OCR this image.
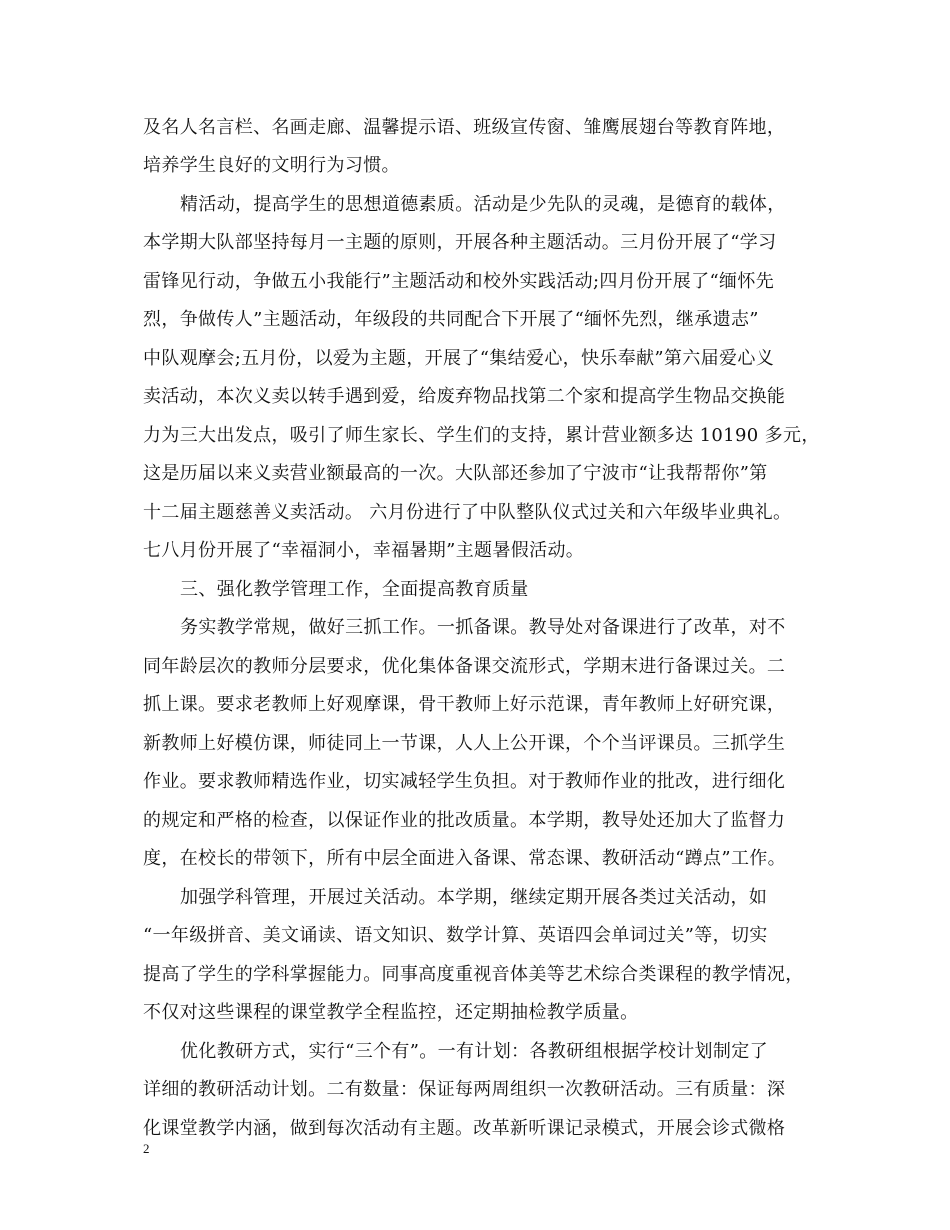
及名人名言栏、名画走廊、温馨提示语、班级宣传窗、雏鹰展翅台等教育阵地，
培养学生良好的文明行为习惯。
精活动，提高学生的思想道德素质。活动是少先队的灵魂，是德育的载体，
本学期大队部坚持每月一主题的原则，开展各种主题活动。三月份开展了“学习
雷锋见行动，争做五小我能行”主题活动和校外实践活动;四月份开展了“缅怀先
烈，争做传人”主题活动，年级段的共同配合下开展了“缅怀先烈，继承遗志”
中队观摩会;五月份，以爱为主题，开展了“集结爱心，快乐奉献”第六届爱心义
卖活动，本次义卖以转手遇到爱，给废弃物品找第二个家和提高学生物品交换能
力为三大出发点，吸引了师生家长、学生们的支持，累计营业额多达 10190 多元，
这是历届以来义卖营业额最高的一次。大队部还参加了宁波市“让我帮帮你”第
十二届主题慈善义卖活动。 六月份进行了中队整队仪式过关和六年级毕业典礼。
七八月份开展了“幸福洞小，幸福暑期”主题暑假活动。
三、强化教学管理工作，全面提高教育质量
务实教学常规，做好三抓工作。一抓备课。教导处对备课进行了改革，对不
同年龄层次的教师分层要求，优化集体备课交流形式，学期末进行备课过关。二
抓上课。要求老教师上好观摩课，骨干教师上好示范课，青年教师上好研究课，
新教师上好模仿课，师徒同上一节课，人人上公开课，个个当评课员。三抓学生
作业。要求教师精选作业，切实减轻学生负担。对于教师作业的批改，进行细化
的规定和严格的检查，以保证作业的批改质量。本学期，教导处还加大了监督力
度，在校长的带领下，所有中层全面进入备课、常态课、教研活动“蹲点”工作。
加强学科管理，开展过关活动。本学期，继续定期开展各类过关活动，如
“一年级拼音、美文诵读、语文知识、数学计算、英语四会单词过关”等，切实
提高了学生的学科掌握能力。同事高度重视音体美等艺术综合类课程的教学情况，
不仅对这些课程的课堂教学全程监控，还定期抽检教学质量。
优化教研方式，实行“三个有”。一有计划：各教研组根据学校计划制定了
详细的教研活动计划。二有数量：保证每两周组织一次教研活动。三有质量：深
化课堂教学内涵，做到每次活动有主题。改革新听课记录模式，开展会诊式微格
2
